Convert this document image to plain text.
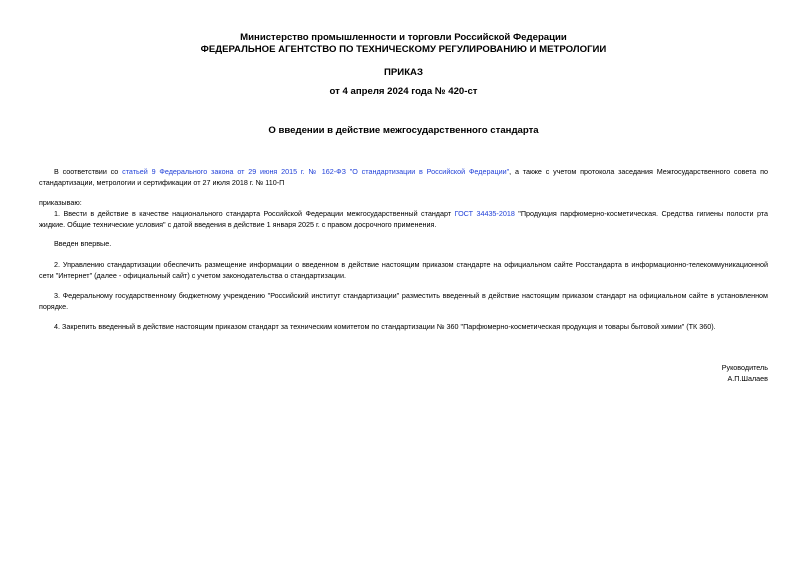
Министерство промышленности и торговли Российской Федерации
ФЕДЕРАЛЬНОЕ АГЕНТСТВО ПО ТЕХНИЧЕСКОМУ РЕГУЛИРОВАНИЮ И МЕТРОЛОГИИ
ПРИКАЗ
от 4 апреля 2024 года № 420-ст
О введении в действие межгосударственного стандарта
В соответствии со статьей 9 Федерального закона от 29 июня 2015 г. № 162-ФЗ "О стандартизации в Российской Федерации", а также с учетом протокола заседания Межгосударственного совета по стандартизации, метрологии и сертификации от 27 июля 2018 г. № 110-П
приказываю:
1. Ввести в действие в качестве национального стандарта Российской Федерации межгосударственный стандарт ГОСТ 34435-2018 "Продукция парфюмерно-косметическая. Средства гигиены полости рта жидкие. Общие технические условия" с датой введения в действие 1 января 2025 г. с правом досрочного применения.
Введен впервые.
2. Управлению стандартизации обеспечить размещение информации о введенном в действие настоящим приказом стандарте на официальном сайте Росстандарта в информационно-телекоммуникационной сети "Интернет" (далее - официальный сайт) с учетом законодательства о стандартизации.
3. Федеральному государственному бюджетному учреждению "Российский институт стандартизации" разместить введенный в действие настоящим приказом стандарт на официальном сайте в установленном порядке.
4. Закрепить введенный в действие настоящим приказом стандарт за техническим комитетом по стандартизации № 360 "Парфюмерно-косметическая продукция и товары бытовой химии" (ТК 360).
Руководитель
А.П.Шалаев
